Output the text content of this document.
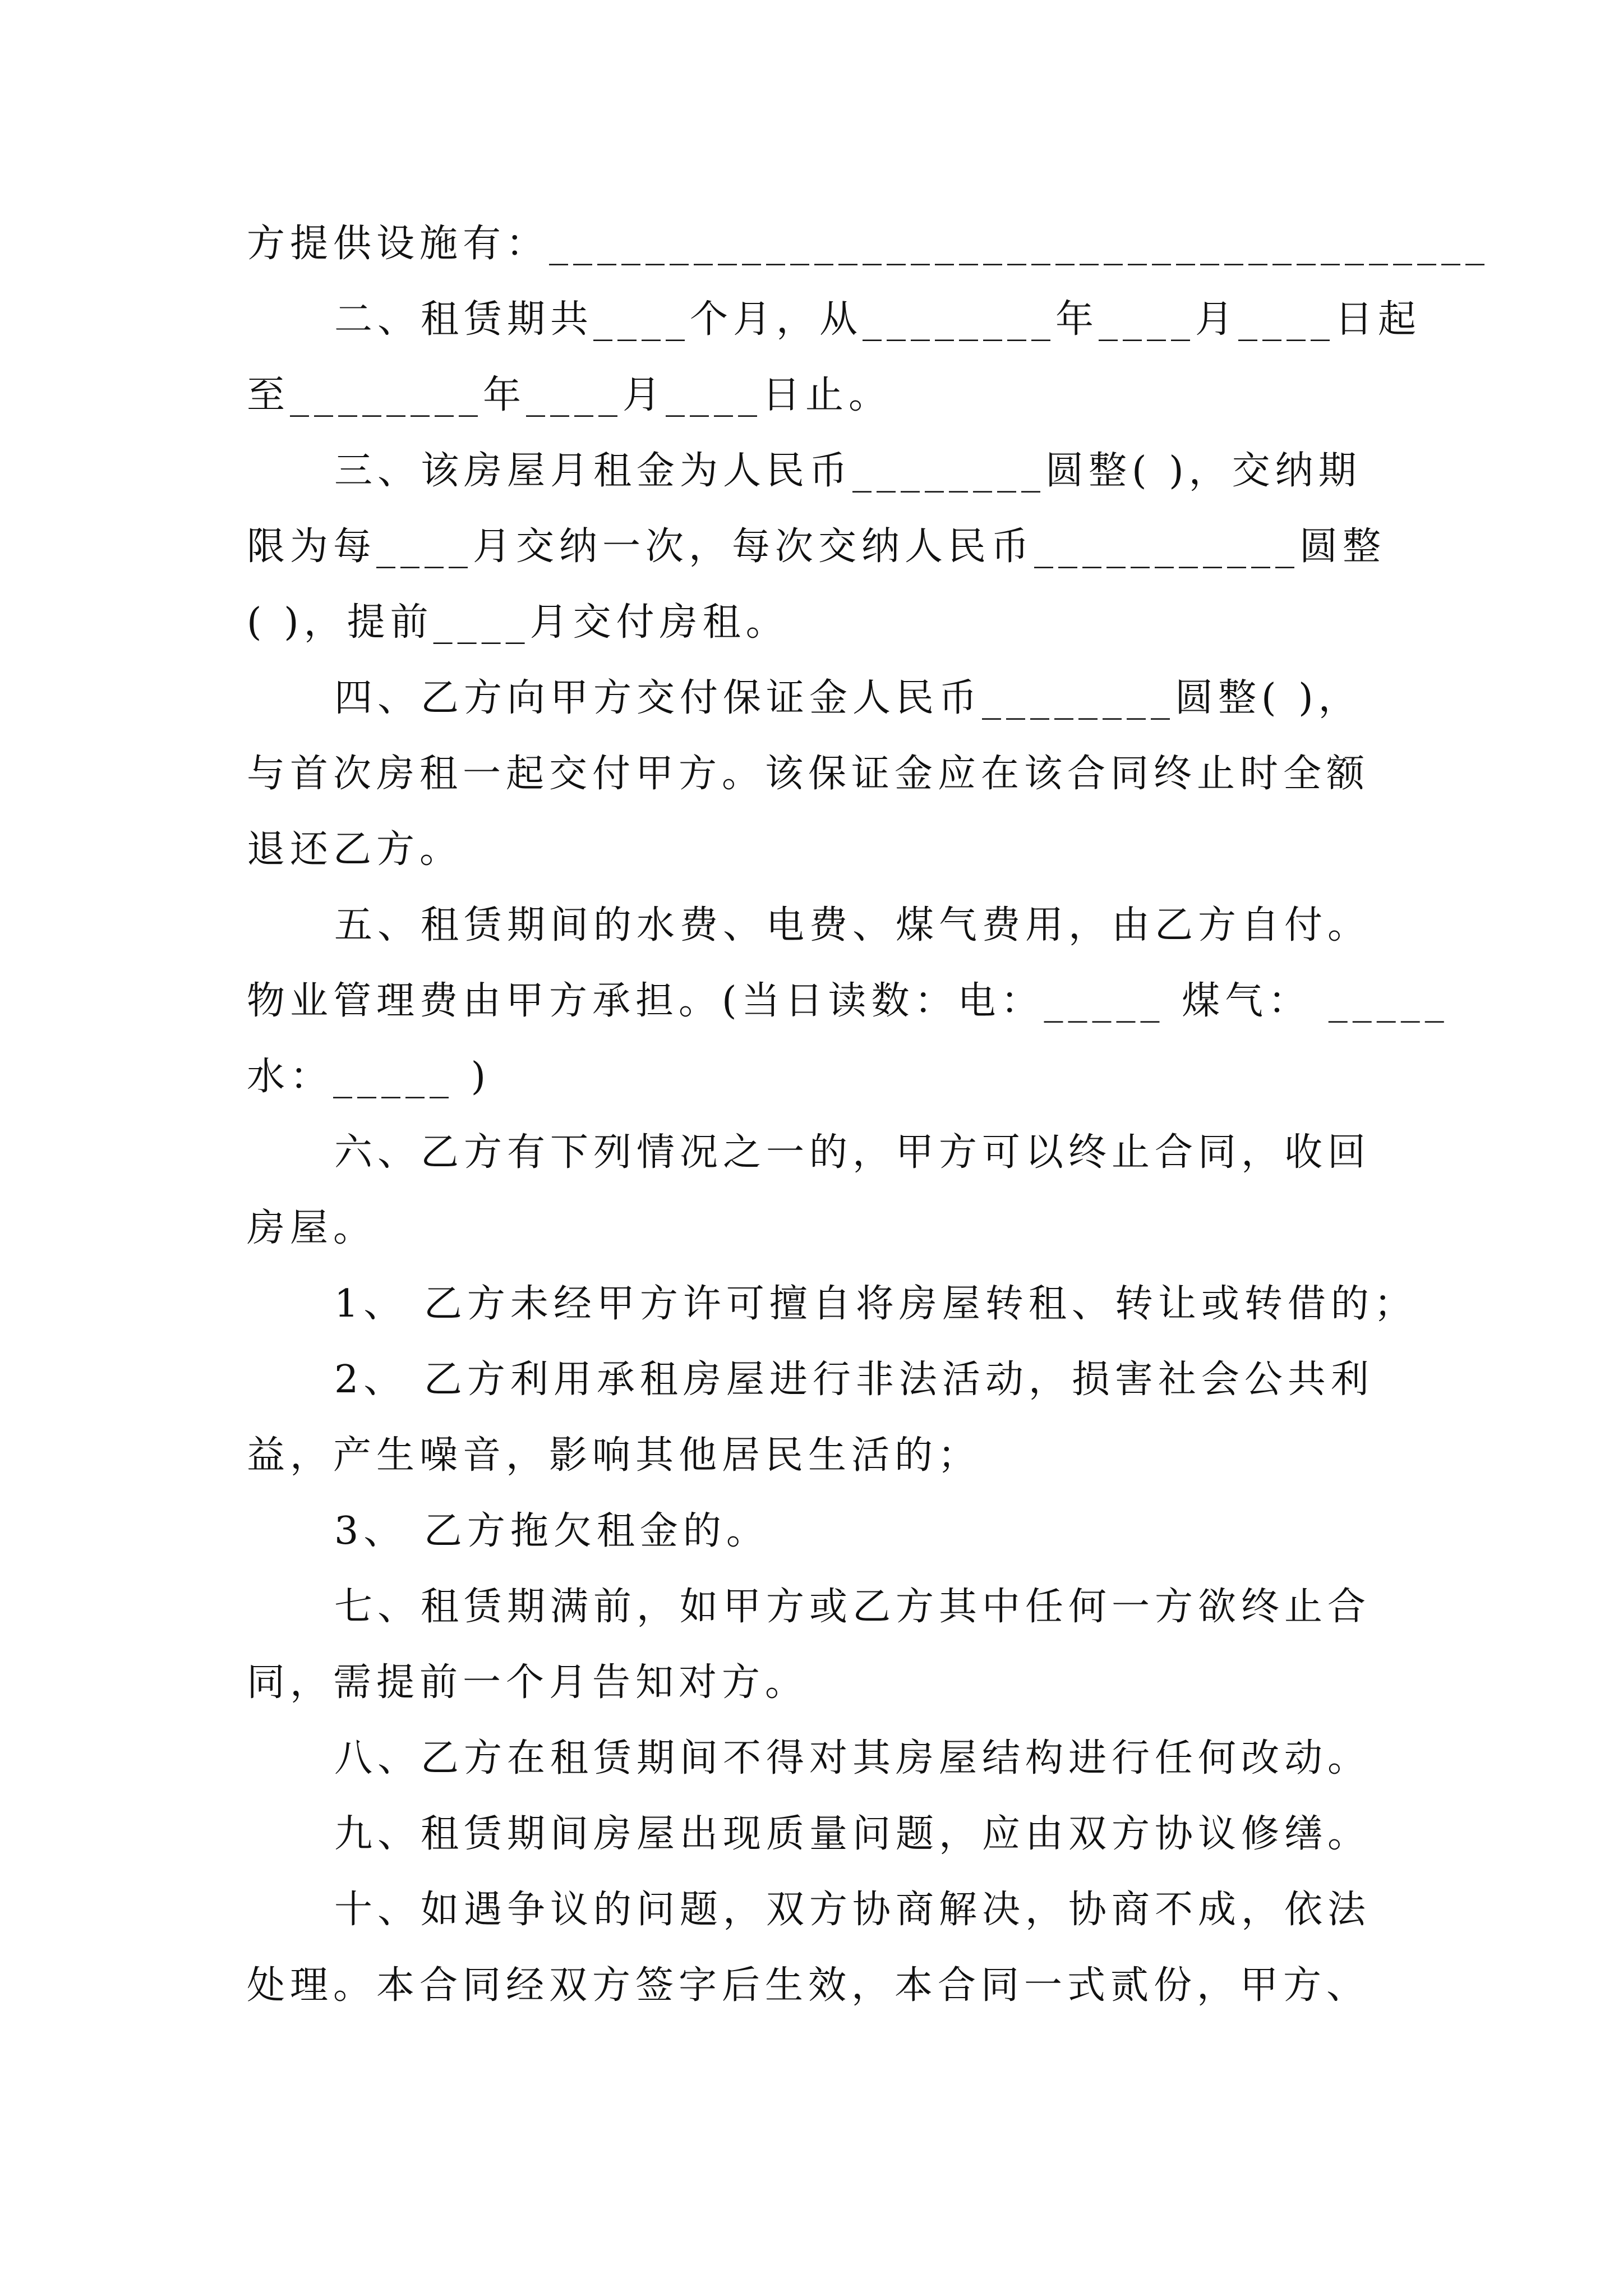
方提供设施有：_______________________________________
二、租赁期共____个月，从________年____月____日起
至________年____月____日止。
三、该房屋月租金为人民币________圆整( )，交纳期
限为每____月交纳一次，每次交纳人民币___________圆整
( )，提前____月交付房租。
四、乙方向甲方交付保证金人民币________圆整( )，
与首次房租一起交付甲方。该保证金应在该合同终止时全额
退还乙方。
五、租赁期间的水费、电费、煤气费用，由乙方自付。
物业管理费由甲方承担。(当日读数：电：_____ 煤气： _____
水：_____ )
六、乙方有下列情况之一的，甲方可以终止合同，收回
房屋。
1、 乙方未经甲方许可擅自将房屋转租、转让或转借的；
2、 乙方利用承租房屋进行非法活动，损害社会公共利
益，产生噪音，影响其他居民生活的；
3、 乙方拖欠租金的。
七、租赁期满前，如甲方或乙方其中任何一方欲终止合
同，需提前一个月告知对方。
八、乙方在租赁期间不得对其房屋结构进行任何改动。
九、租赁期间房屋出现质量问题，应由双方协议修缮。
十、如遇争议的问题，双方协商解决，协商不成，依法
处理。本合同经双方签字后生效，本合同一式贰份，甲方、
